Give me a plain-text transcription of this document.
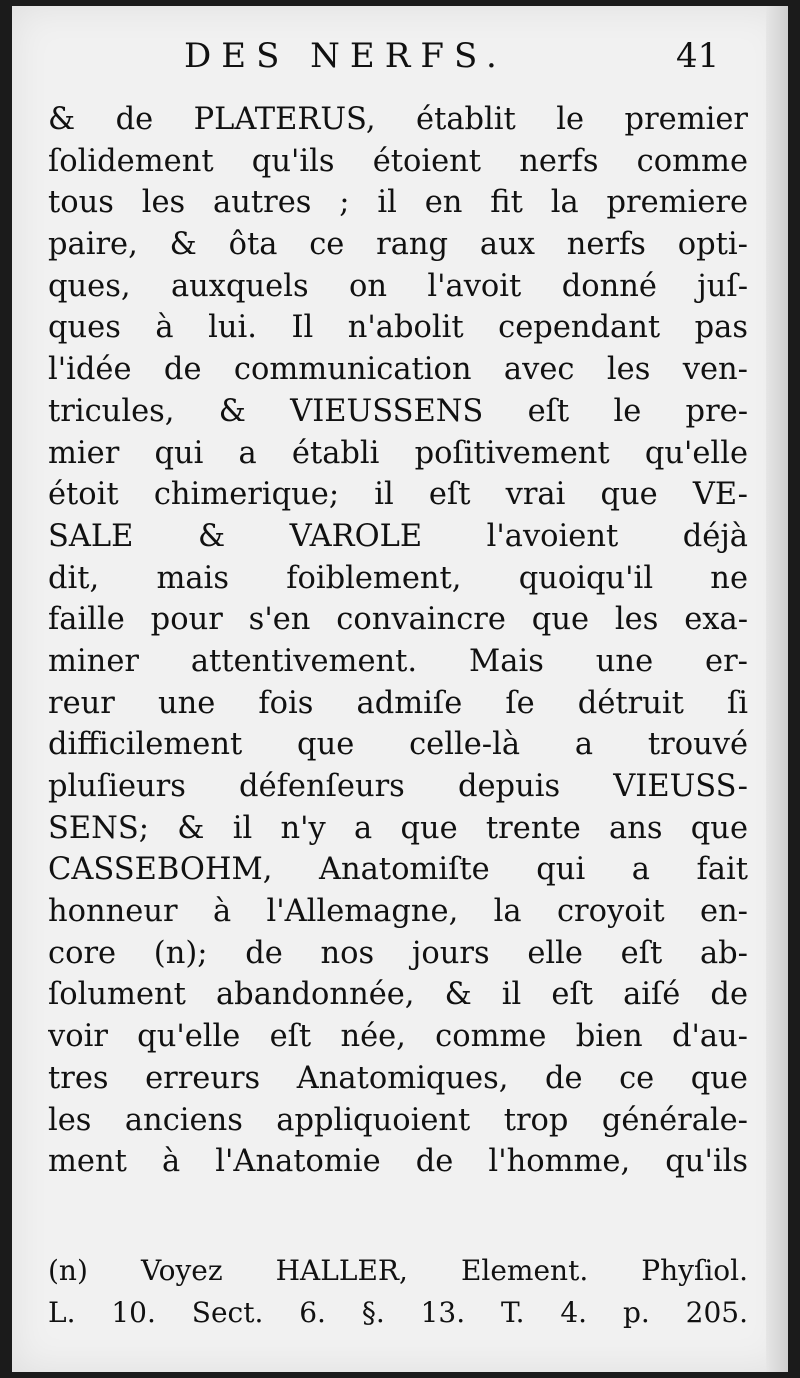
DES NERFS.	41
& de PLATERUS, établit le premier
ſolidement qu'ils étoient nerfs comme
tous les autres ; il en fit la premiere
paire, & ôta ce rang aux nerfs opti-
ques, auxquels on l'avoit donné juſ-
ques à lui. Il n'abolit cependant pas
l'idée de communication avec les ven-
tricules, & VIEUSSENS eſt le pre-
mier qui a établi poſitivement qu'elle
étoit chimerique; il eſt vrai que VE-
SALE & VAROLE l'avoient déjà
dit, mais foiblement, quoiqu'il ne
faille pour s'en convaincre que les exa-
miner attentivement. Mais une er-
reur une fois admiſe ſe détruit ſi
difficilement que celle-là a trouvé
pluſieurs défenſeurs depuis VIEUSS-
SENS; & il n'y a que trente ans que
CASSEBOHM, Anatomiſte qui a fait
honneur à l'Allemagne, la croyoit en-
core (n); de nos jours elle eſt ab-
ſolument abandonnée, & il eſt aiſé de
voir qu'elle eſt née, comme bien d'au-
tres erreurs Anatomiques, de ce que
les anciens appliquoient trop générale-
ment à l'Anatomie de l'homme, qu'ils
(n) Voyez HALLER, Element. Phyſiol.
L. 10. Sect. 6. §. 13. T. 4. p. 205.
